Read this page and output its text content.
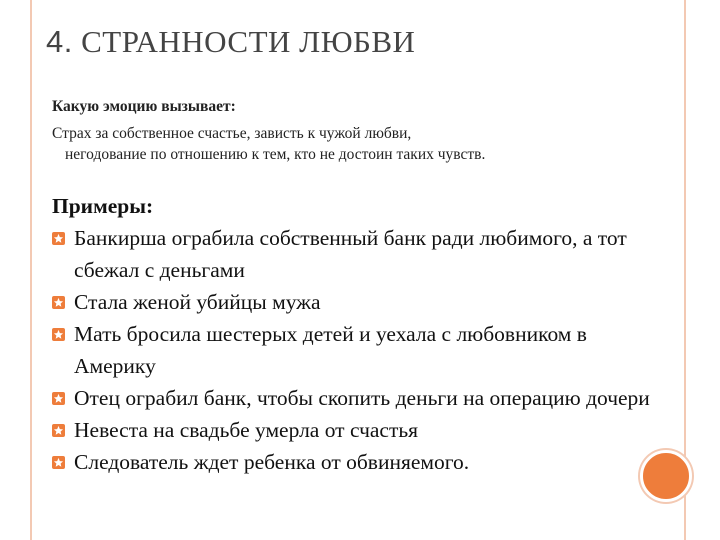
4. СТРАННОСТИ ЛЮБВИ
Какую эмоцию вызывает:
Страх за собственное счастье, зависть к чужой любви,
негодование по отношению к тем, кто не достоин таких чувств.
Примеры:
Банкирша ограбила собственный банк ради любимого, а тот сбежал с деньгами
Стала женой убийцы мужа
Мать бросила шестерых детей и уехала с любовником в Америку
Отец ограбил банк, чтобы скопить деньги на операцию дочери
Невеста на свадьбе умерла от счастья
Следователь ждет ребенка от обвиняемого.
